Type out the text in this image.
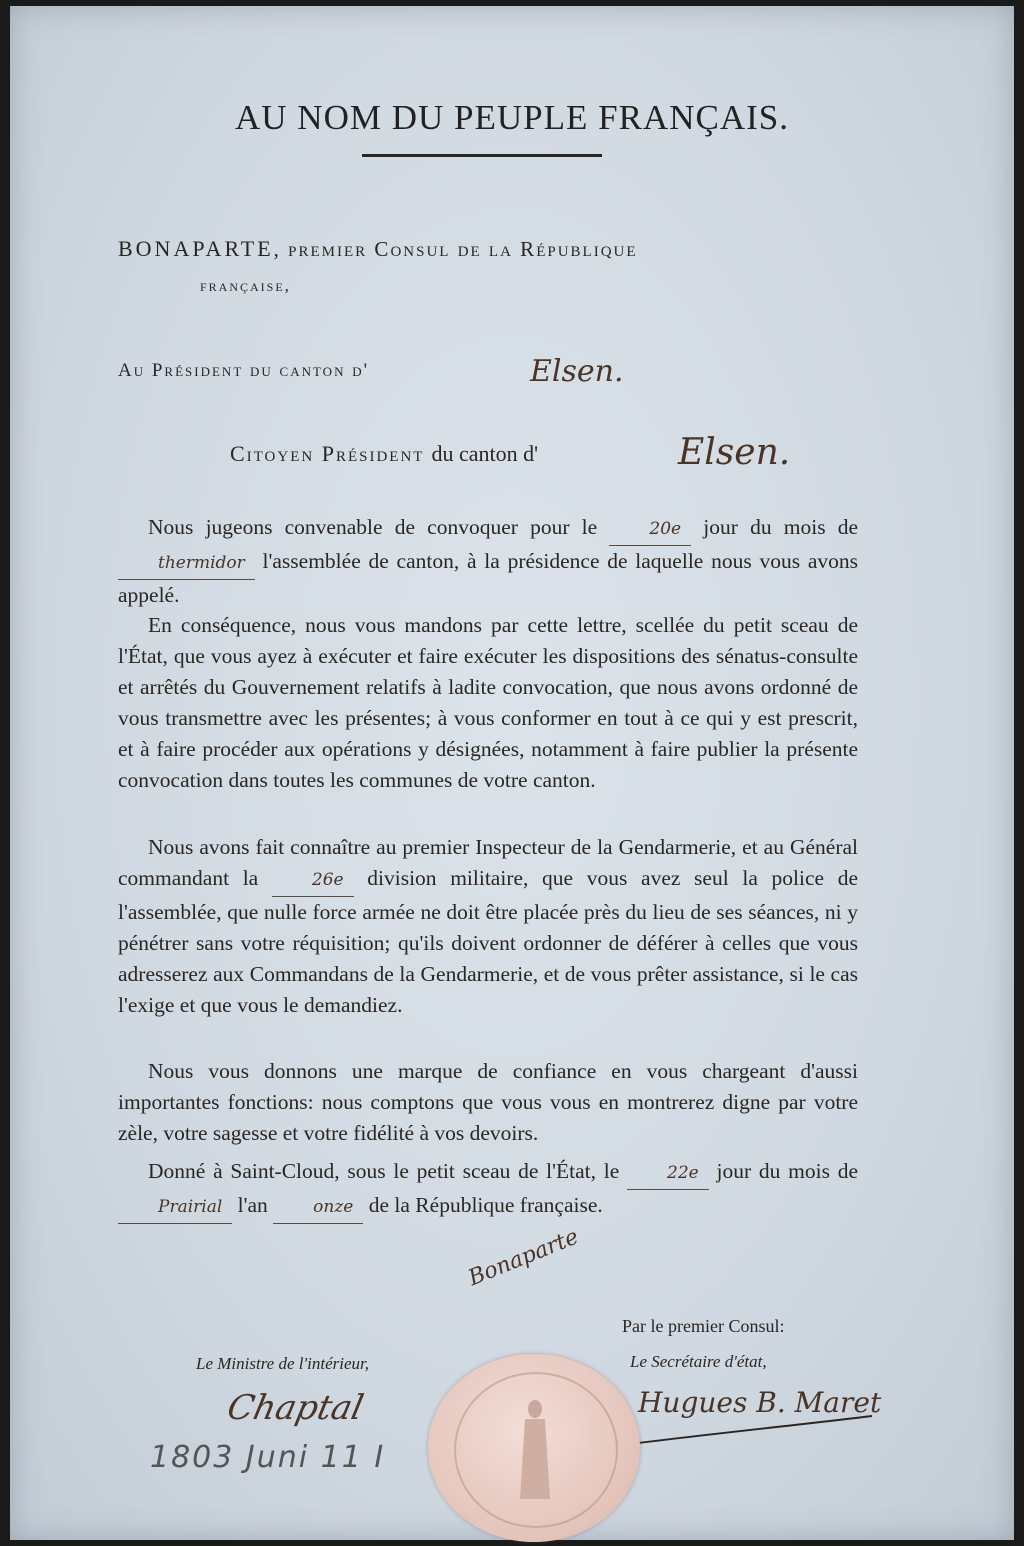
AU NOM DU PEUPLE FRANÇAIS.
BONAPARTE, premier Consul de la République
française,
Au Président du canton d'	Elsen.
Citoyen Président du canton d'	Elsen.
Nous jugeons convenable de convoquer pour le	20e jour du mois de thermidor l'assemblée de canton, à la présidence de laquelle nous vous avons appelé.
En conséquence, nous vous mandons par cette lettre, scellée du petit sceau de l'État, que vous ayez à exécuter et faire exécuter les dispositions des sénatus-consulte et arrêtés du Gouvernement relatifs à ladite convocation, que nous avons ordonné de vous transmettre avec les présentes; à vous conformer en tout à ce qui y est prescrit, et à faire procéder aux opérations y désignées, notamment à faire publier la présente convocation dans toutes les communes de votre canton.
Nous avons fait connaître au premier Inspecteur de la Gendarmerie, et au Général commandant la	26e division militaire, que vous avez seul la police de l'assemblée, que nulle force armée ne doit être placée près du lieu de ses séances, ni y pénétrer sans votre réquisition; qu'ils doivent ordonner de déférer à celles que vous adresserez aux Commandans de la Gendarmerie, et de vous prêter assistance, si le cas l'exige et que vous le demandiez.
Nous vous donnons une marque de confiance en vous chargeant d'aussi importantes fonctions: nous comptons que vous vous en montrerez digne par votre zèle, votre sagesse et votre fidélité à vos devoirs.
Donné à Saint-Cloud, sous le petit sceau de l'État, le	22e jour du mois de Prairial l'an	onze de la République française.
Bonaparte
Par le premier Consul:
Le Ministre de l'intérieur,
Chaptal
Le Secrétaire d'état,
Hugues B. Maret
1803 Juni 11 I
